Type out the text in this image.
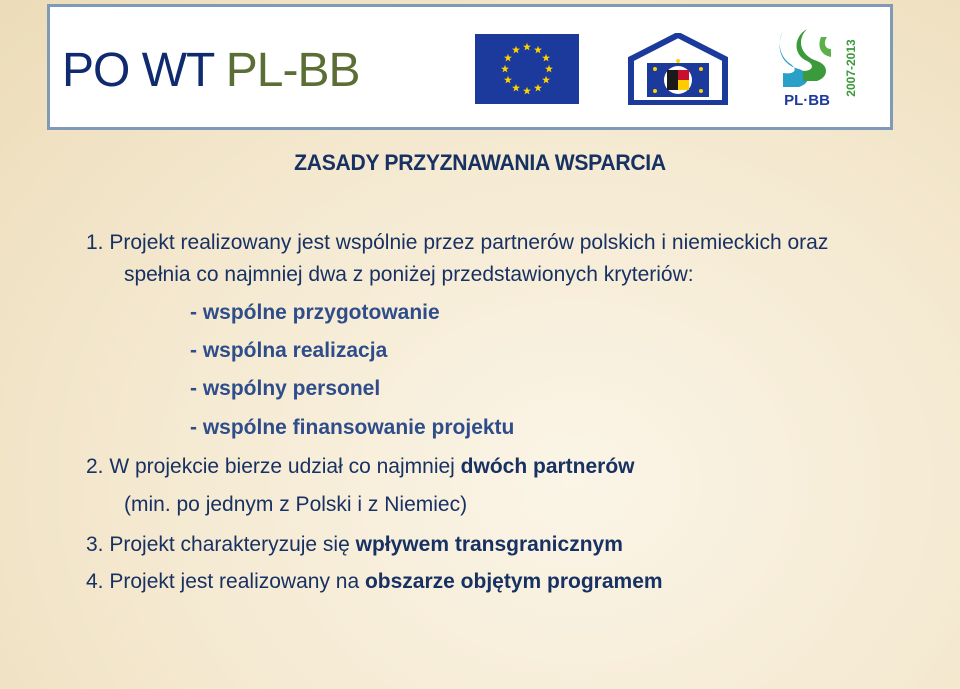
PO WT PL-BB
PL·BB
2007-2013
ZASADY PRZYZNAWANIA WSPARCIA
1. Projekt realizowany jest wspólnie przez partnerów polskich i niemieckich oraz
spełnia co najmniej dwa z poniżej przedstawionych kryteriów:
- wspólne przygotowanie
- wspólna realizacja
- wspólny personel
- wspólne finansowanie projektu
2. W projekcie bierze udział co najmniej dwóch partnerów
(min. po jednym z Polski i z Niemiec)
3. Projekt charakteryzuje się wpływem transgranicznym
4. Projekt jest realizowany na obszarze objętym programem
